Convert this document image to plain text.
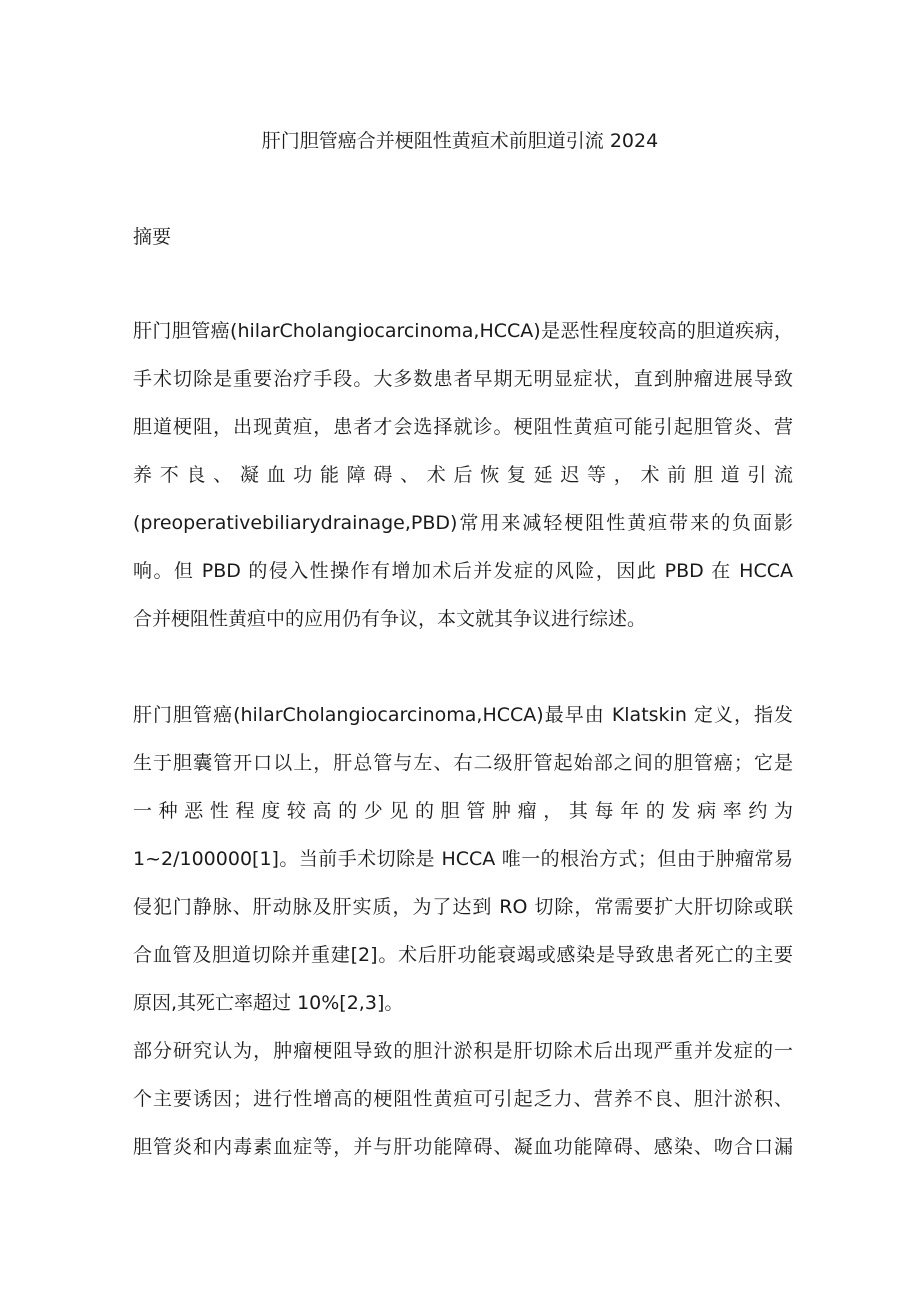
肝门胆管癌合并梗阻性黄疸术前胆道引流 2024
摘要
肝门胆管癌(hilarCholangiocarcinoma,HCCA)是恶性程度较高的胆道疾病，
手术切除是重要治疗手段。大多数患者早期无明显症状，直到肿瘤进展导致
胆道梗阻，出现黄疸，患者才会选择就诊。梗阻性黄疸可能引起胆管炎、营
养不良、凝血功能障碍、术后恢复延迟等，术前胆道引流
(preoperativebiliarydrainage,PBD)常用来减轻梗阻性黄疸带来的负面影
响。但 PBD 的侵入性操作有增加术后并发症的风险，因此 PBD 在 HCCA
合并梗阻性黄疸中的应用仍有争议，本文就其争议进行综述。
肝门胆管癌(hilarCholangiocarcinoma,HCCA)最早由 Klatskin 定义，指发
生于胆囊管开口以上，肝总管与左、右二级肝管起始部之间的胆管癌；它是
一种恶性程度较高的少见的胆管肿瘤，其每年的发病率约为
1~2/100000[1]。当前手术切除是 HCCA 唯一的根治方式；但由于肿瘤常易
侵犯门静脉、肝动脉及肝实质，为了达到 RO 切除，常需要扩大肝切除或联
合血管及胆道切除并重建[2]。术后肝功能衰竭或感染是导致患者死亡的主要
原因,其死亡率超过 10%[2,3]。
部分研究认为，肿瘤梗阻导致的胆汁淤积是肝切除术后出现严重并发症的一
个主要诱因；进行性增高的梗阻性黄疸可引起乏力、营养不良、胆汁淤积、
胆管炎和内毒素血症等，并与肝功能障碍、凝血功能障碍、感染、吻合口漏
